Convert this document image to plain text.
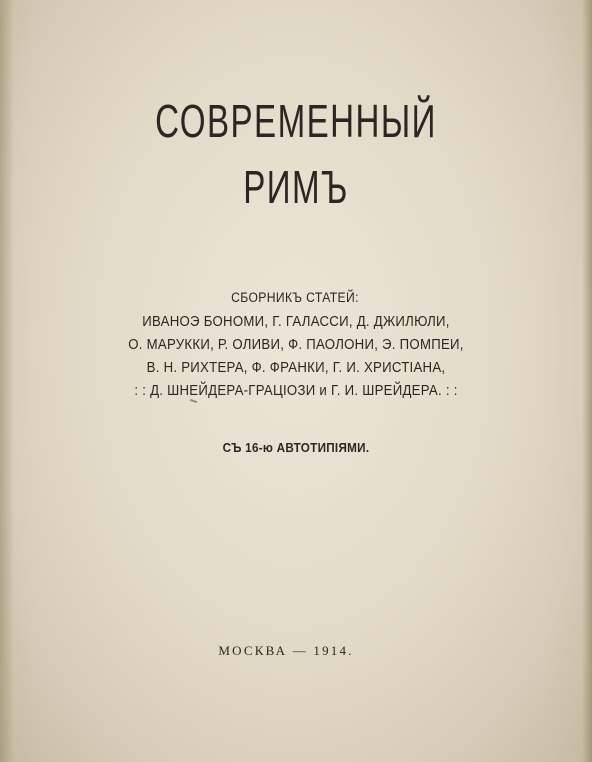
СОВРЕМЕННЫЙ
РИМЪ
СБОРНИКЪ СТАТЕЙ:
ИВАНОЭ БОНОМИ, Г. ГАЛАССИ, Д. ДЖИЛЮЛИ,
О. МАРУККИ, Р. ОЛИВИ, Ф. ПАОЛОНИ, Э. ПОМПЕИ,
В. Н. РИХТЕРА, Ф. ФРАНКИ, Г. И. ХРИСТІАНА,
: : Д. ШНЕЙДЕРА-ГРАЦІОЗИ и Г. И. ШРЕЙДЕРА. : :
СЪ 16-ю АВТОТИПІЯМИ.
МОСКВА — 1914.
